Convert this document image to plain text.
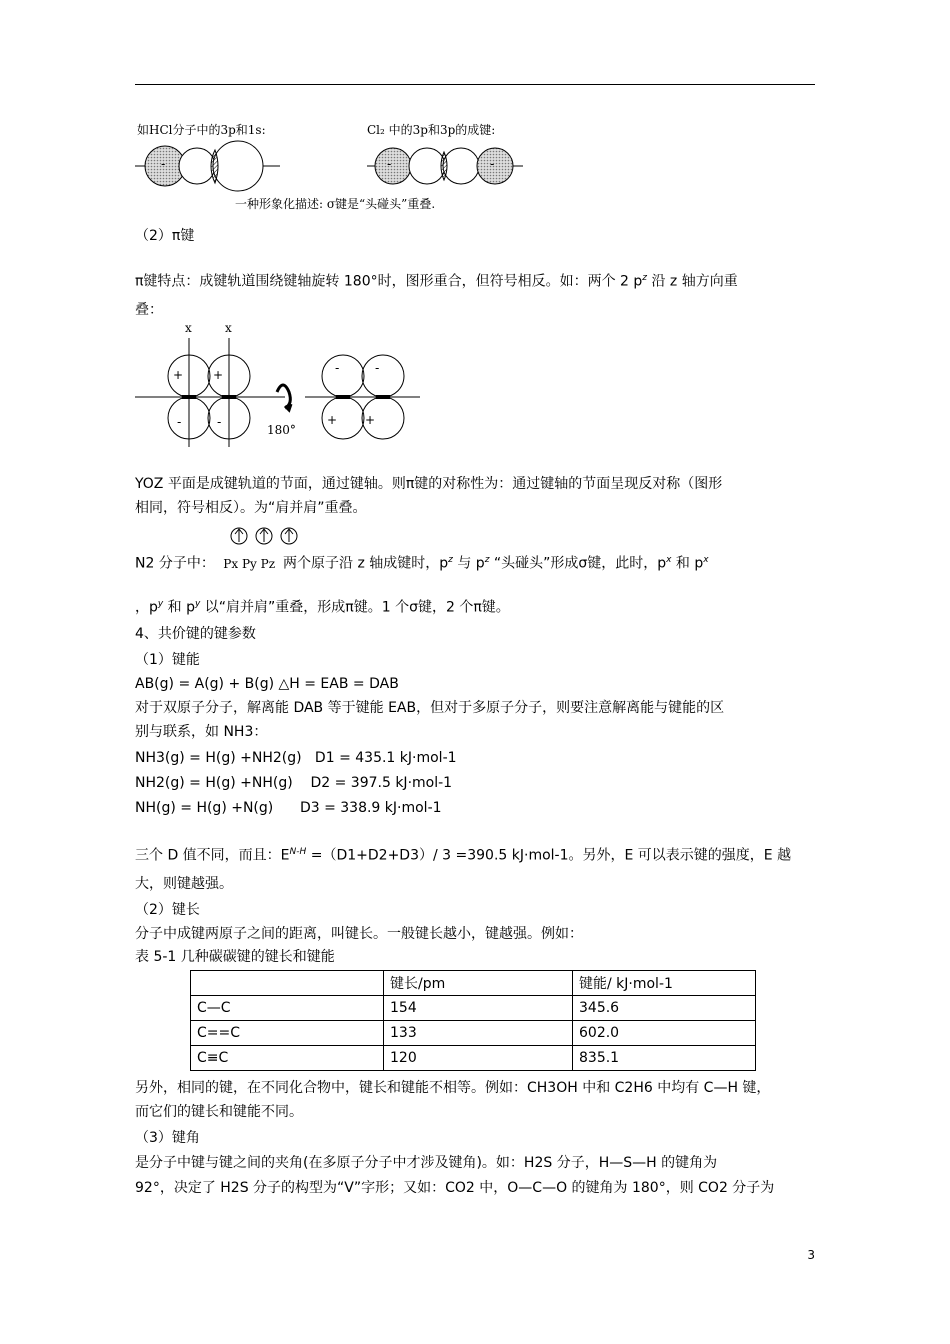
如HCl分子中的3p和1s:	Cl₂ 中的3p和3p的成键:
-	-	-
一种形象化描述: σ键是“头碰头”重叠.
（2）π键
π键特点：成键轨道围绕键轴旋转 180°时，图形重合，但符号相反。如：两个 2 $p^z$ 沿 z 轴方向重
叠：
x	x
+ +
-	-
180°
-	-
+ +
YOZ 平面是成键轨道的节面，通过键轴。则π键的对称性为：通过键轴的节面呈现反对称（图形
相同，符号相反）。为“肩并肩”重叠。
N2 分子中： Px Py Pz 两个原子沿 z 轴成键时，$p^z$ 与 $p^z$ “头碰头”形成σ键，此时，$p^x$ 和 $p^x$
，$p^y$ 和 $p^y$ 以“肩并肩”重叠，形成π键。1 个σ键，2 个π键。
4、共价键的键参数
（1）键能
AB(g) = A(g) + B(g) △H = EAB = DAB
对于双原子分子，解离能 DAB 等于键能 EAB，但对于多原子分子，则要注意解离能与键能的区
别与联系，如 NH3：
NH3(g) = H(g) +NH2(g)   D1 = 435.1 kJ·mol-1
NH2(g) = H(g) +NH(g)    D2 = 397.5 kJ·mol-1
NH(g) = H(g) +N(g)      D3 = 338.9 kJ·mol-1
三个 D 值不同，而且：$E^{N-H} =(D1+D2+D3)/$ 3 =390.5 kJ·mol-1。另外，E 可以表示键的强度，E 越
大，则键越强。
（2）键长
分子中成键两原子之间的距离，叫键长。一般键长越小，键越强。例如：
表 5-1 几种碳碳键的键长和键能
	键长/pm	键能/ kJ·mol-1
C—C	154	345.6
C==C	133	602.0
C≡C	120	835.1
另外，相同的键，在不同化合物中，键长和键能不相等。例如：CH3OH 中和 C2H6 中均有 C—H 键，
而它们的键长和键能不同。
（3）键角
是分子中键与键之间的夹角(在多原子分子中才涉及键角)。如：H2S 分子，H—S—H 的键角为
92°，决定了 H2S 分子的构型为“V”字形；又如：CO2 中，O—C—O 的键角为 180°，则 CO2 分子为
3
